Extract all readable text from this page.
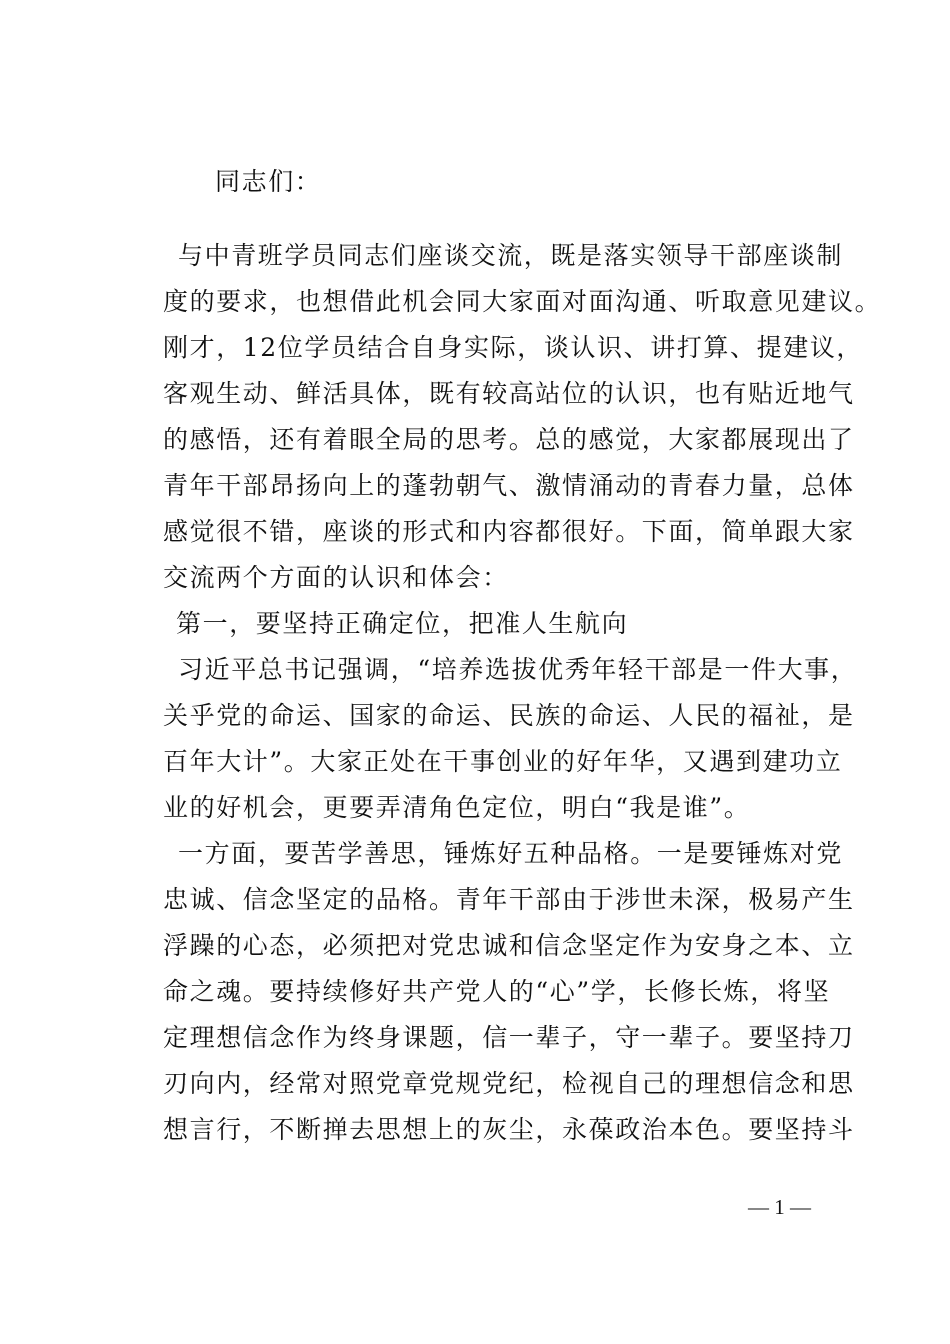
同志们：
与中青班学员同志们座谈交流，既是落实领导干部座谈制
度的要求，也想借此机会同大家面对面沟通、听取意见建议。
刚才，12位学员结合自身实际，谈认识、讲打算、提建议，
客观生动、鲜活具体，既有较高站位的认识，也有贴近地气
的感悟，还有着眼全局的思考。总的感觉，大家都展现出了
青年干部昂扬向上的蓬勃朝气、激情涌动的青春力量，总体
感觉很不错，座谈的形式和内容都很好。下面，简单跟大家
交流两个方面的认识和体会：
第一，要坚持正确定位，把准人生航向
习近平总书记强调，“培养选拔优秀年轻干部是一件大事，
关乎党的命运、国家的命运、民族的命运、人民的福祉，是
百年大计”。大家正处在干事创业的好年华，又遇到建功立
业的好机会，更要弄清角色定位，明白“我是谁”。
一方面，要苦学善思，锤炼好五种品格。一是要锤炼对党
忠诚、信念坚定的品格。青年干部由于涉世未深，极易产生
浮躁的心态，必须把对党忠诚和信念坚定作为安身之本、立
命之魂。要持续修好共产党人的“心”学，长修长炼，将坚
定理想信念作为终身课题，信一辈子，守一辈子。要坚持刀
刃向内，经常对照党章党规党纪，检视自己的理想信念和思
想言行，不断掸去思想上的灰尘，永葆政治本色。要坚持斗
— 1 —
